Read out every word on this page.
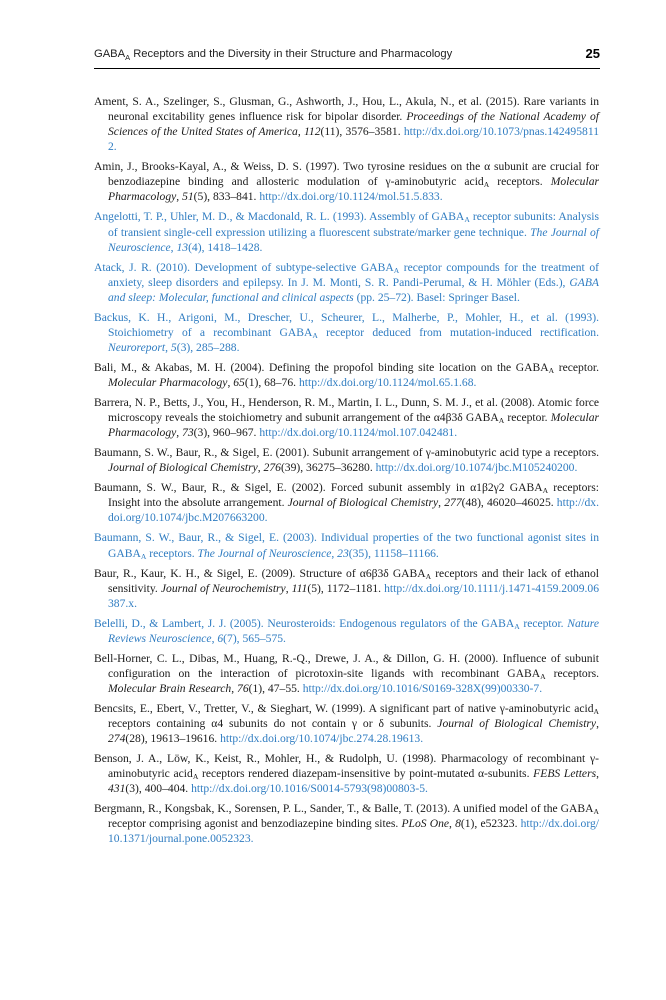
$GABA_A$ Receptors and the Diversity in their Structure and Pharmacology	25

Ament, S. A., Szelinger, S., Glusman, G., Ashworth, J., Hou, L., Akula, N., et al. (2015). Rare variants in neuronal excitability genes influence risk for bipolar disorder. Proceedings of the National Academy of Sciences of the United States of America, 112(11), 3576–3581. http://dx.doi.org/10.1073/pnas.1424958112.

Amin, J., Brooks-Kayal, A., & Weiss, D. S. (1997). Two tyrosine residues on the α subunit are crucial for benzodiazepine binding and allosteric modulation of γ-aminobutyric acid$_A$ receptors. Molecular Pharmacology, 51(5), 833–841. http://dx.doi.org/10.1124/mol.51.5.833.

Angelotti, T. P., Uhler, M. D., & Macdonald, R. L. (1993). Assembly of $GABA_A$ receptor subunits: Analysis of transient single-cell expression utilizing a fluorescent substrate/marker gene technique. The Journal of Neuroscience, 13(4), 1418–1428.

Atack, J. R. (2010). Development of subtype-selective $GABA_A$ receptor compounds for the treatment of anxiety, sleep disorders and epilepsy. In J. M. Monti, S. R. Pandi-Perumal, & H. Möhler (Eds.), GABA and sleep: Molecular, functional and clinical aspects (pp. 25–72). Basel: Springer Basel.

Backus, K. H., Arigoni, M., Drescher, U., Scheurer, L., Malherbe, P., Mohler, H., et al. (1993). Stoichiometry of a recombinant $GABA_A$ receptor deduced from mutation-induced rectification. Neuroreport, 5(3), 285–288.

Bali, M., & Akabas, M. H. (2004). Defining the propofol binding site location on the $GABA_A$ receptor. Molecular Pharmacology, 65(1), 68–76. http://dx.doi.org/10.1124/mol.65.1.68.

Barrera, N. P., Betts, J., You, H., Henderson, R. M., Martin, I. L., Dunn, S. M. J., et al. (2008). Atomic force microscopy reveals the stoichiometry and subunit arrangement of the α4β3δ $GABA_A$ receptor. Molecular Pharmacology, 73(3), 960–967. http://dx.doi.org/10.1124/mol.107.042481.

Baumann, S. W., Baur, R., & Sigel, E. (2001). Subunit arrangement of γ-aminobutyric acid type a receptors. Journal of Biological Chemistry, 276(39), 36275–36280. http://dx.doi.org/10.1074/jbc.M105240200.

Baumann, S. W., Baur, R., & Sigel, E. (2002). Forced subunit assembly in α1β2γ2 $GABA_A$ receptors: Insight into the absolute arrangement. Journal of Biological Chemistry, 277(48), 46020–46025. http://dx.doi.org/10.1074/jbc.M207663200.

Baumann, S. W., Baur, R., & Sigel, E. (2003). Individual properties of the two functional agonist sites in $GABA_A$ receptors. The Journal of Neuroscience, 23(35), 11158–11166.

Baur, R., Kaur, K. H., & Sigel, E. (2009). Structure of α6β3δ $GABA_A$ receptors and their lack of ethanol sensitivity. Journal of Neurochemistry, 111(5), 1172–1181. http://dx.doi.org/10.1111/j.1471-4159.2009.06387.x.

Belelli, D., & Lambert, J. J. (2005). Neurosteroids: Endogenous regulators of the $GABA_A$ receptor. Nature Reviews Neuroscience, 6(7), 565–575.

Bell-Horner, C. L., Dibas, M., Huang, R.-Q., Drewe, J. A., & Dillon, G. H. (2000). Influence of subunit configuration on the interaction of picrotoxin-site ligands with recombinant $GABA_A$ receptors. Molecular Brain Research, 76(1), 47–55. http://dx.doi.org/10.1016/S0169-328X(99)00330-7.

Bencsits, E., Ebert, V., Tretter, V., & Sieghart, W. (1999). A significant part of native γ-aminobutyric acid$_A$ receptors containing α4 subunits do not contain γ or δ subunits. Journal of Biological Chemistry, 274(28), 19613–19616. http://dx.doi.org/10.1074/jbc.274.28.19613.

Benson, J. A., Löw, K., Keist, R., Mohler, H., & Rudolph, U. (1998). Pharmacology of recombinant γ-aminobutyric acid$_A$ receptors rendered diazepam-insensitive by point-mutated α-subunits. FEBS Letters, 431(3), 400–404. http://dx.doi.org/10.1016/S0014-5793(98)00803-5.

Bergmann, R., Kongsbak, K., Sorensen, P. L., Sander, T., & Balle, T. (2013). A unified model of the $GABA_A$ receptor comprising agonist and benzodiazepine binding sites. PLoS One, 8(1), e52323. http://dx.doi.org/10.1371/journal.pone.0052323.
